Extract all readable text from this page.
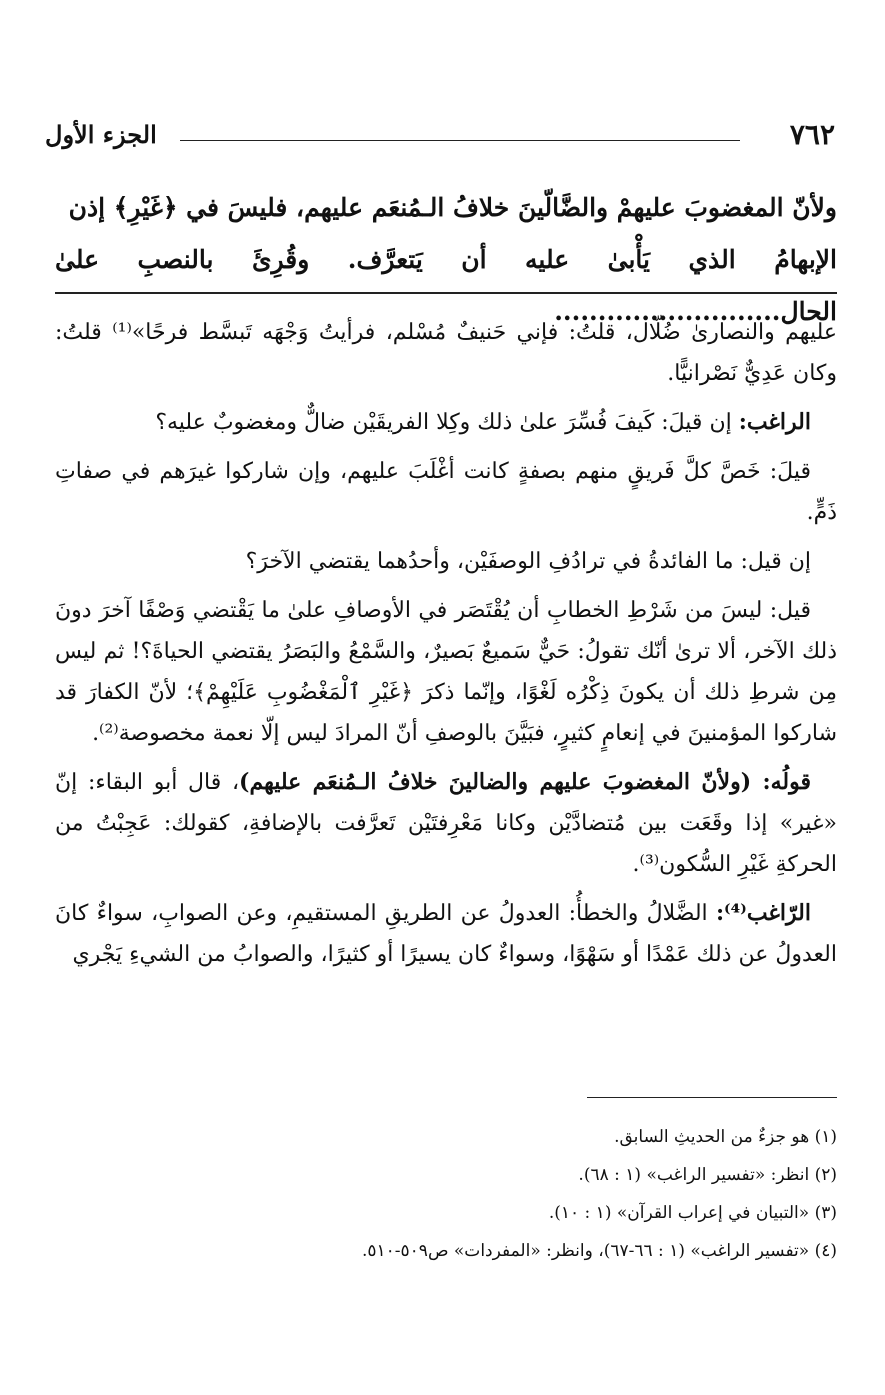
٧٦٢
الجزء الأول

ولأنّ المغضوبَ عليهمْ والضَّالّينَ خلافُ الـمُنعَم عليهم، فليسَ في ﴿غَيْرِ﴾ إذن

الإبهامُ الذي يَأْبىٰ عليه أن يَتعرَّف. وقُرِئَ بالنصبِ علىٰ الحال..........................

عليهم والنصارىٰ ضُلّال، قلتُ: فإني حَنيفٌ مُسْلم، فرأيتُ وَجْهَه تَبسَّط فرحًا»⁽¹⁾ قلتُ: وكان عَدِيٌّ نَصْرانيًّا.

الراغب: إن قيلَ: كَيفَ فُسِّرَ علىٰ ذلك وكِلا الفريقَيْن ضالٌّ ومغضوبٌ عليه؟

قيلَ: خَصَّ كلَّ فَريقٍ منهم بصفةٍ كانت أغْلَبَ عليهم، وإن شاركوا غيرَهم في صفاتِ ذَمٍّ.

إن قيل: ما الفائدةُ في ترادُفِ الوصفَيْن، وأحدُهما يقتضي الآخرَ؟

قيل: ليسَ من شَرْطِ الخطابِ أن يُقْتَصَر في الأوصافِ علىٰ ما يَقْتضي وَصْفًا آخرَ دونَ ذلك الآخر، ألا ترىٰ أنّك تقولُ: حَيٌّ سَميعٌ بَصيرٌ، والسَّمْعُ والبَصَرُ يقتضي الحياةَ؟! ثم ليس مِن شرطِ ذلك أن يكونَ ذِكْرُه لَغْوًا، وإنّما ذكرَ ﴿غَيْرِ ٱلْمَغْضُوبِ عَلَيْهِمْ﴾؛ لأنّ الكفارَ قد شاركوا المؤمنينَ في إنعامٍ كثيرٍ، فبَيَّنَ بالوصفِ أنّ المرادَ ليس إلّا نعمة مخصوصة⁽²⁾.

قولُه: (ولأنّ المغضوبَ عليهم والضالينَ خلافُ الـمُنعَم عليهم)، قال أبو البقاء: إنّ «غير» إذا وقَعَت بين مُتضادَّيْن وكانا مَعْرِفتَيْن تَعرَّفت بالإضافةِ، كقولك: عَجِبْتُ من الحركةِ غَيْرِ السُّكون⁽³⁾.

الرّاغب⁽⁴⁾: الضَّلالُ والخطأُ: العدولُ عن الطريقِ المستقيمِ، وعن الصوابِ، سواءٌ كانَ العدولُ عن ذلك عَمْدًا أو سَهْوًا، وسواءٌ كان يسيرًا أو كثيرًا، والصوابُ من الشيءِ يَجْري

(١) هو جزءٌ من الحديثِ السابق.

(٢) انظر: «تفسير الراغب» (١ : ٦٨).

(٣) «التبيان في إعراب القرآن» (١ : ١٠).

(٤) «تفسير الراغب» (١ : ٦٦-٦٧)، وانظر: «المفردات» ص٥٠٩-٥١٠.
